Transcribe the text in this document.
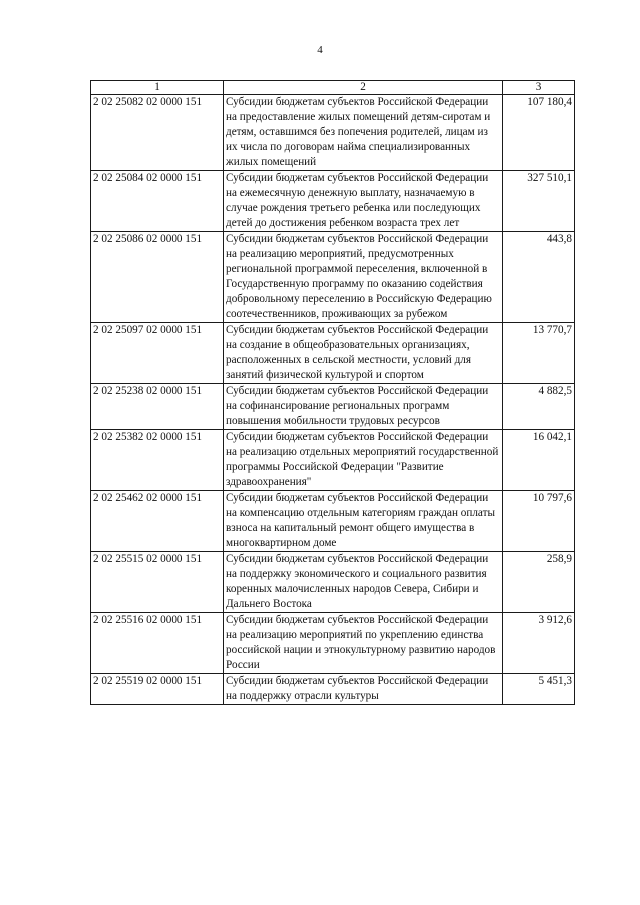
4
1	2	3
2 02 25082 02 0000 151	Субсидии бюджетам субъектов Российской Федерации на предоставление жилых помещений детям-сиротам и детям, оставшимся без попечения родителей, лицам из их числа по договорам найма специализированных жилых помещений	107 180,4
2 02 25084 02 0000 151	Субсидии бюджетам субъектов Российской Федерации на ежемесячную денежную выплату, назначаемую в случае рождения третьего ребенка или последующих детей до достижения ребенком возраста трех лет	327 510,1
2 02 25086 02 0000 151	Субсидии бюджетам субъектов Российской Федерации на реализацию мероприятий, предусмотренных региональной программой переселения, включенной в Государственную программу по оказанию содействия добровольному переселению в Российскую Федерацию соотечественников, проживающих за рубежом	443,8
2 02 25097 02 0000 151	Субсидии бюджетам субъектов Российской Федерации на создание в общеобразовательных организациях, расположенных в сельской местности, условий для занятий физической культурой и спортом	13 770,7
2 02 25238 02 0000 151	Субсидии бюджетам субъектов Российской Федерации на софинансирование региональных программ повышения мобильности трудовых ресурсов	4 882,5
2 02 25382 02 0000 151	Субсидии бюджетам субъектов Российской Федерации на реализацию отдельных мероприятий государственной программы Российской Федерации "Развитие здравоохранения"	16 042,1
2 02 25462 02 0000 151	Субсидии бюджетам субъектов Российской Федерации на компенсацию отдельным категориям граждан оплаты взноса на капитальный ремонт общего имущества в многоквартирном доме	10 797,6
2 02 25515 02 0000 151	Субсидии бюджетам субъектов Российской Федерации на поддержку экономического и социального развития коренных малочисленных народов Севера, Сибири и Дальнего Востока	258,9
2 02 25516 02 0000 151	Субсидии бюджетам субъектов Российской Федерации на реализацию мероприятий по укреплению единства российской нации и этнокультурному развитию народов России	3 912,6
2 02 25519 02 0000 151	Субсидии бюджетам субъектов Российской Федерации на поддержку отрасли культуры	5 451,3
